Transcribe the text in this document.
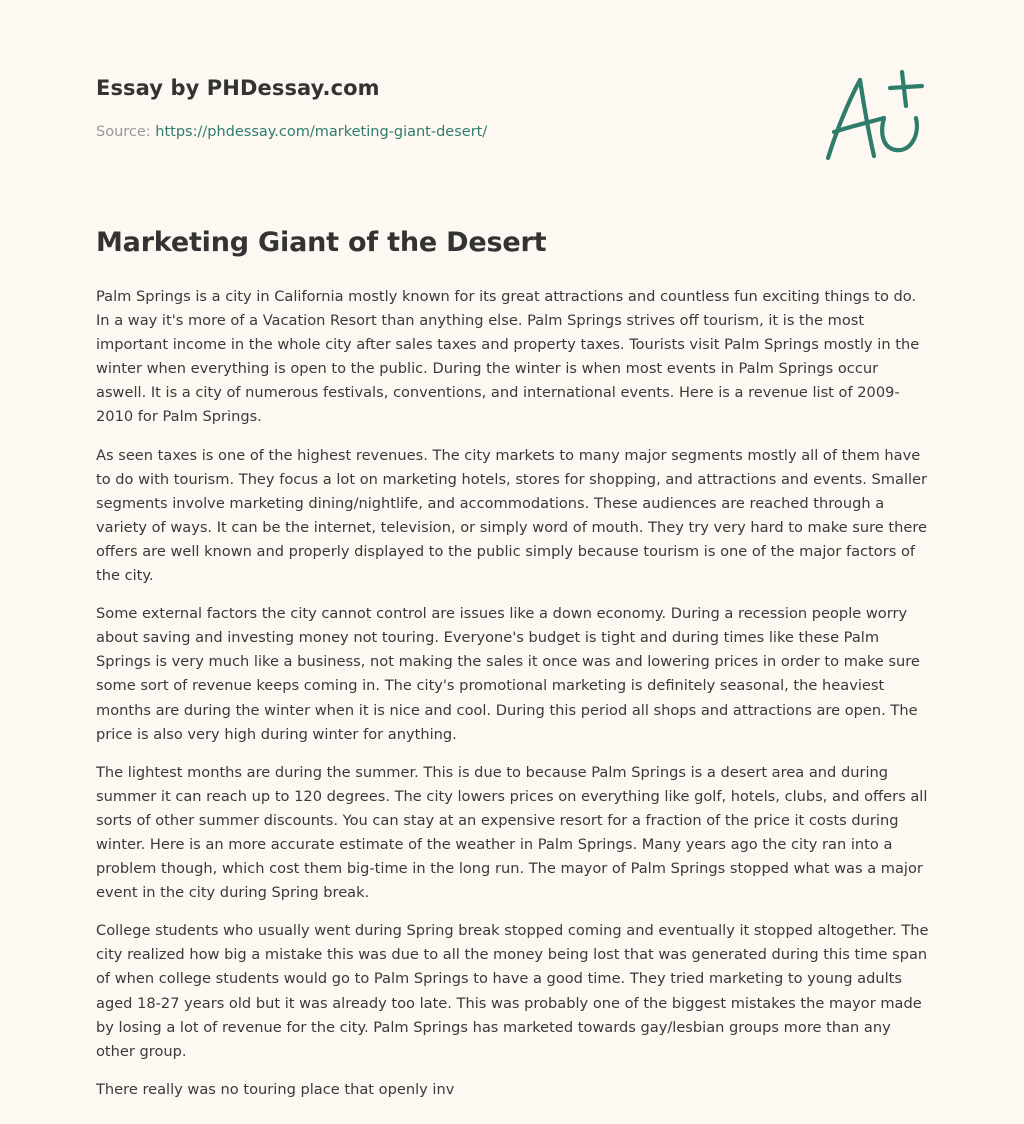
Essay by PHDessay.com

Source: https://phdessay.com/marketing-giant-desert/

Marketing Giant of the Desert

Palm Springs is a city in California mostly known for its great attractions and countless fun exciting things to do. In a way it's more of a Vacation Resort than anything else. Palm Springs strives off tourism, it is the most important income in the whole city after sales taxes and property taxes. Tourists visit Palm Springs mostly in the winter when everything is open to the public. During the winter is when most events in Palm Springs occur aswell. It is a city of numerous festivals, conventions, and international events. Here is a revenue list of 2009-2010 for Palm Springs.

As seen taxes is one of the highest revenues. The city markets to many major segments mostly all of them have to do with tourism. They focus a lot on marketing hotels, stores for shopping, and attractions and events. Smaller segments involve marketing dining/nightlife, and accommodations. These audiences are reached through a variety of ways. It can be the internet, television, or simply word of mouth. They try very hard to make sure there offers are well known and properly displayed to the public simply because tourism is one of the major factors of the city.

Some external factors the city cannot control are issues like a down economy. During a recession people worry about saving and investing money not touring. Everyone's budget is tight and during times like these Palm Springs is very much like a business, not making the sales it once was and lowering prices in order to make sure some sort of revenue keeps coming in. The city's promotional marketing is definitely seasonal, the heaviest months are during the winter when it is nice and cool. During this period all shops and attractions are open. The price is also very high during winter for anything.

The lightest months are during the summer. This is due to because Palm Springs is a desert area and during summer it can reach up to 120 degrees. The city lowers prices on everything like golf, hotels, clubs, and offers all sorts of other summer discounts. You can stay at an expensive resort for a fraction of the price it costs during winter. Here is an more accurate estimate of the weather in Palm Springs. Many years ago the city ran into a problem though, which cost them big-time in the long run. The mayor of Palm Springs stopped what was a major event in the city during Spring break.

College students who usually went during Spring break stopped coming and eventually it stopped altogether. The city realized how big a mistake this was due to all the money being lost that was generated during this time span of when college students would go to Palm Springs to have a good time. They tried marketing to young adults aged 18-27 years old but it was already too late. This was probably one of the biggest mistakes the mayor made by losing a lot of revenue for the city. Palm Springs has marketed towards gay/lesbian groups more than any other group.

There really was no touring place that openly inv
